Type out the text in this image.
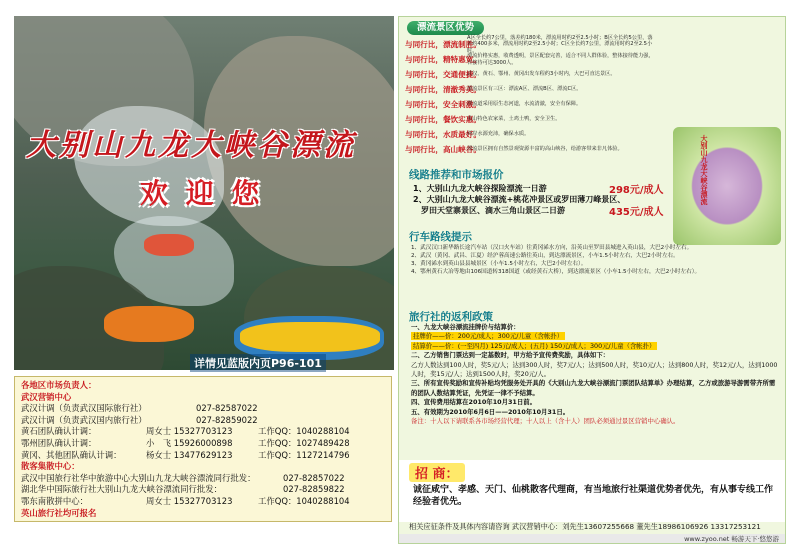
大别山九龙大峡谷漂流
欢 迎 您
详情见蓝版内页P96-101
各地区市场负责人：
武汉营销中心
武汉计调（负责武汉国际旅行社）	027-82587022
武汉计调（负责武汉国内旅行社）	027-82859022
黄石团队确认计调：	周女士 15327703123	工作QQ：1040288104
鄂州团队确认计调：	小　飞 15926000898	工作QQ：1027489428
黄冈、其他团队确认计调：	杨女士 13477629123	工作QQ：1127214796
散客集散中心：
武汉中国旅行社华中旅游中心大别山九龙大峡谷漂流同行批发：	027-82857022
湖北华中国际旅行社大别山九龙大峡谷漂流同行批发：	027-82859822
鄂东南散拼中心：	周女士 15327703123	工作QQ：1040288104
英山旅行社均可报名
漂流景区优势
与同行比，漂流制胜。
A区全长约7公里，落差约180米，漂流用时约2至2.5小时；B区全长约5公里，落差约400多米，漂流用时约2至2.5小时；C区全长约7公里，漂流用时约2至2.5小时。
与同行比，精特惠宽。
漂流价格实惠，收费透明，景区配套完善，适合不同人群体验，整体接待能力强，日接待可达3000人。
与同行比，交通便捷。
武汉、黄石、鄂州、黄冈出发车程约3小时内，大巴可直达景区。
与同行比，清澈秀美。
漂流景区有三区：漂流A区、漂流B区、漂流C区。
与同行比，安全刺激。
漂流道采用原生态河道，水流清澈，安全有保障。
与同行比，餐饮实惠。
英山特色农家菜，土鸡土鸭，安全卫生。
与同行比，水质最好。
两岸水源充沛，确保水质。
与同行比，高山峡谷。
漂流景区拥有自然景观资源丰富的高山峡谷，给游客带来非凡体验。	大别山九龙大峡谷漂流
线路推荐和市场报价
1、大别山九龙大峡谷探险漂流一日游	298元/成人
2、大别山九龙大峡谷漂流+桃花冲景区或罗田薄刀峰景区、
　罗田天堂寨景区、滴水三角山景区二日游	435元/成人
行车路线提示
1、武汉汉口新华路长途汽车站（汉口火车站）往黄冈浠水方向，沿英山至罗田县城进入英山县，大巴2小时左右。
2、武汉（黄冈、武昌、江夏）经沪蓉高速公路往英山，到达漂流景区，小车1.5小时左右，大巴2小时左右。
3、黄冈浠水到英山县县城景区（小车1.5小时左右，大巴2小时左右）。
4、鄂州黄石大冶等地由106国道转318国道（或经黄石大桥），到达漂流景区（小车1.5小时左右，大巴2小时左右）。
旅行社的返利政策
一、九龙大峡谷漂流挂牌价与结算价：
挂牌价——价：200元/成人；300元/儿童（含帐扑）
结算价——价：(一至四月) 125元/成人；(五月) 150元/成人；300元/儿童（含帐扑）
二、乙方销售门票达到一定基数时，甲方给予宣传费奖励，具体如下：
乙方人数达到100人时，奖5元/人；达到300人时，奖7元/人；达到500人时，奖10元/人；达到800人时，奖12元/人，达到1000人时，奖15元/人；达到1500人时，奖20元/人。
三、所有宣传奖励和宣传补贴均凭服务处开具的《大别山九龙大峡谷漂流门票团队结算单》办理结算，乙方或旅游导游需带齐所需的团队人数结算凭证，先凭证一律不予结算。
四、宣传费用结算在2010年10月31日前。
五、有效期为2010年6月6日——2010年10月31日。
备注：十人以下请联系各市场经营代理；十人以上（含十人）团队必须通过景区营销中心确认。
招 商：
诚征咸宁、孝感、天门、仙桃散客代理商，有当地旅行社渠道优势者优先，有从事专线工作经验者优先。
相关应征条件及具体内容请咨询 武汉营销中心：刘先生13607255668 董先生18986106926 13317253121
www.zyoo.net 畅游天下·悠悠游
